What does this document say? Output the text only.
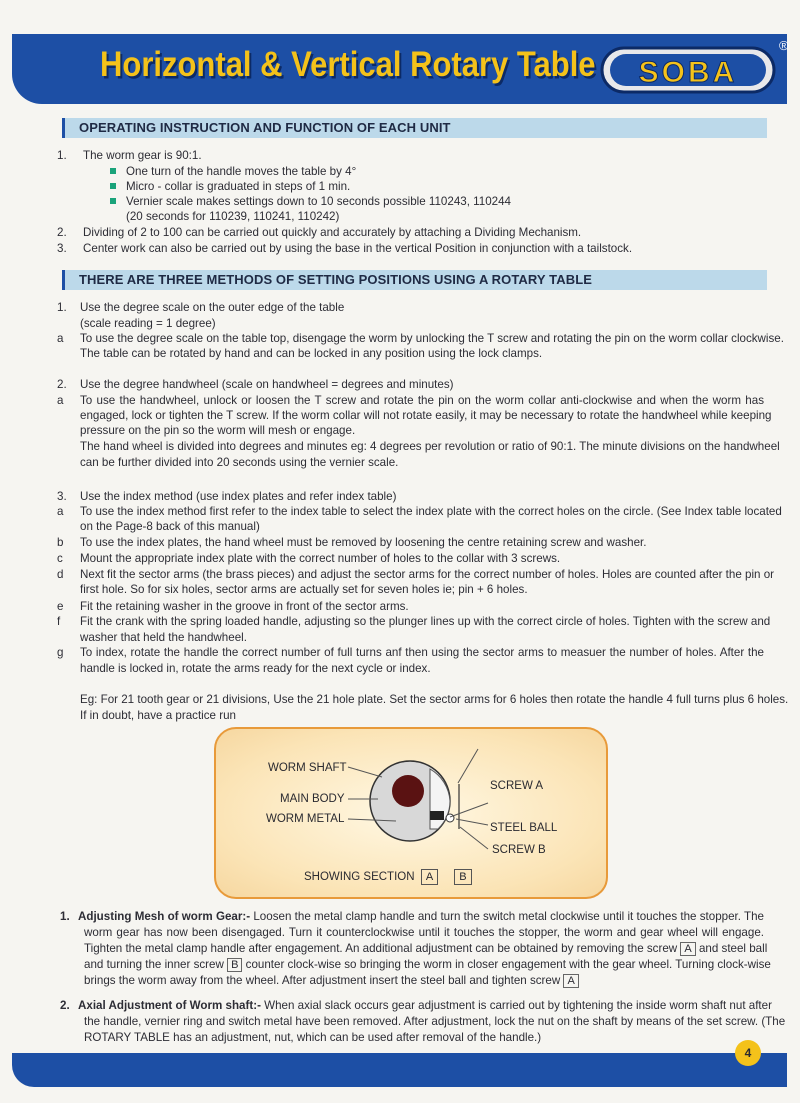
Horizontal & Vertical Rotary Table SOBA
®
OPERATING INSTRUCTION AND FUNCTION OF EACH UNIT
1. The worm gear is 90:1.
One turn of the handle moves the table by 4°
Micro - collar is graduated in steps of 1 min.
Vernier scale makes settings down to 10 seconds possible 110243, 110244
(20 seconds for 110239, 110241, 110242)
2. Dividing of 2 to 100 can be carried out quickly and accurately by attaching a Dividing Mechanism.
3. Center work can also be carried out by using the base in the vertical Position in conjunction with a tailstock.
THERE ARE THREE METHODS OF SETTING POSITIONS USING A ROTARY TABLE
1. Use the degree scale on the outer edge of the table
(scale reading = 1 degree)
a To use the degree scale on the table top, disengage the worm by unlocking the T screw and rotating the pin on the worm collar clockwise.
The table can be rotated by hand and can be locked in any position using the lock clamps.
2. Use the degree handwheel (scale on handwheel = degrees and minutes)
a To use the handwheel, unlock or loosen the T screw and rotate the pin on the worm collar anti-clockwise and when the worm has
engaged, lock or tighten the T screw. If the worm collar will not rotate easily, it may be necessary to rotate the handwheel while keeping
pressure on the pin so the worm will mesh or engage.
The hand wheel is divided into degrees and minutes eg: 4 degrees per revolution or ratio of 90:1. The minute divisions on the handwheel
can be further divided into 20 seconds using the vernier scale.
3. Use the index method (use index plates and refer index table)
a To use the index method first refer to the index table to select the index plate with the correct holes on the circle. (See Index table located
on the Page-8 back of this manual)
b To use the index plates, the hand wheel must be removed by loosening the centre retaining screw and washer.
c Mount the appropriate index plate with the correct number of holes to the collar with 3 screws.
d Next fit the sector arms (the brass pieces) and adjust the sector arms for the correct number of holes. Holes are counted after the pin or
first hole. So for six holes, sector arms are actually set for seven holes ie; pin + 6 holes.
e Fit the retaining washer in the groove in front of the sector arms.
f Fit the crank with the spring loaded handle, adjusting so the plunger lines up with the correct circle of holes. Tighten with the screw and
washer that held the handwheel.
g To index, rotate the handle the correct number of full turns anf then using the sector arms to measuer the number of holes. After the
handle is locked in, rotate the arms ready for the next cycle or index.
Eg: For 21 tooth gear or 21 divisions, Use the 21 hole plate. Set the sector arms for 6 holes then rotate the handle 4 full turns plus 6 holes.
If in doubt, have a practice run
WORM SHAFT
MAIN BODY
WORM METAL
SCREW A
STEEL BALL
SCREW B
SHOWING SECTION A B
1. Adjusting Mesh of worm Gear:- Loosen the metal clamp handle and turn the switch metal clockwise until it touches the stopper. The
worm gear has now been disengaged. Turn it counterclockwise until it touches the stopper, the worm and gear wheel will engage.
Tighten the metal clamp handle after engagement. An additional adjustment can be obtained by removing the screw A and steel ball
and turning the inner screw B counter clock-wise so bringing the worm in closer engagement with the gear wheel. Turning clock-wise
brings the worm away from the wheel. After adjustment insert the steel ball and tighten screw A
2. Axial Adjustment of Worm shaft:- When axial slack occurs gear adjustment is carried out by tightening the inside worm shaft nut after
the handle, vernier ring and switch metal have been removed. After adjustment, lock the nut on the shaft by means of the set screw. (The
ROTARY TABLE has an adjustment, nut, which can be used after removal of the handle.)
4
